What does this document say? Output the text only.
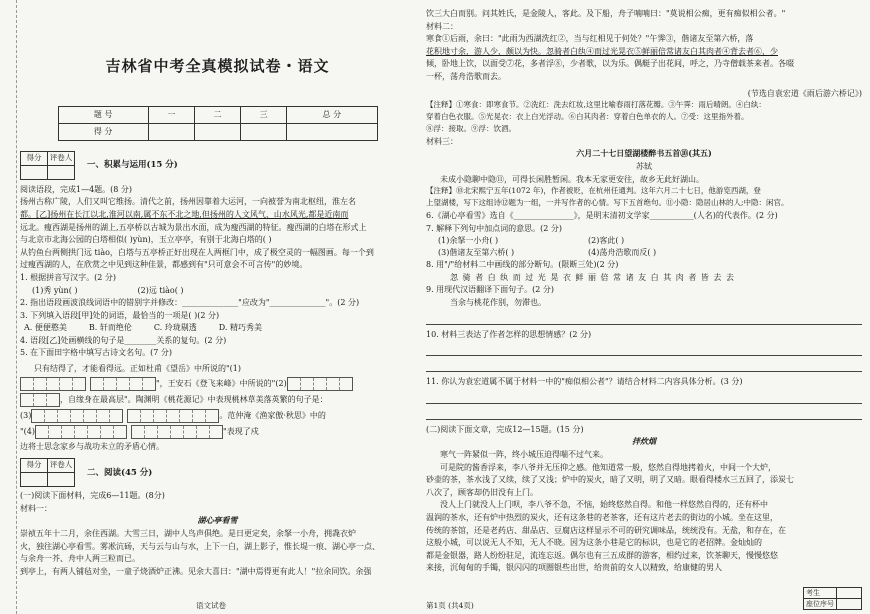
吉林省中考全真模拟试卷・语文
题 号	一	二	三	总 分
得 分				
得分	评卷人

一、积累与运用(15 分)

阅读语段，完成1—4题。(8 分)

扬州古称广陵，人们又叫它维扬。清代之前，扬州因靠着大运河，一向被誉为南北枢纽，淮左名

都。[乙]扬州在长江以北,淮河以南,属不东不北之地,但扬州的人文风气、山水风光,都是近南而

远北。瘦西湖是扬州的湖上,五亭桥以古城为景出水面，成为瘦西湖的特征。瘦西湖的白塔在形式上

与北京市北海公园的白塔相似( )yùn)，玉立亭亭，有别于北海白塔的( )

从钓鱼台两侧拱门远 tiào，白塔与五亭桥正好出现在人两框门中，成了极空灵的一幅图画。每一个到

过瘦西湖的人，在欣赏之中见到这种佳景，都感到有"只可意会不可言传"的妙境。

1. 根据拼音写汉字。(2 分)

(1)秀 yùn( )	(2)远 tiào( )

2. 指出语段画波浪线词语中的错别字并修改：______________"应改为"______________"。(2 分)

3. 下列填入语段[甲]处的词语，最恰当的一项是( )(2 分)

A. 便便憨美	B. 轩而绝伦	C. 玲珑剔透	D. 精巧秀美

4. 语段[乙]处画横线的句子是________关系的复句。(2 分)

5. 在下面田字格中填写古诗文名句。(7 分)

只有结得了，才能看得远。正如杜甫《望岳》中所说的"(1)

"，王安石《登飞来峰》中所说的"(2)
，自缘身在最高层"。陶渊明《桃花源记》中表现桃林草美落英繁的句子是：
(3)	。范仲淹《渔家傲·秋思》中的
"(4)	"表现了戍

边将士思念家乡与战功未立的矛盾心情。

得分	评卷人

二、阅读(45 分)

(一)阅读下面材料，完成6—11题。(8分)

材料一：

湖心亭看雪

崇祯五年十二月，余住西湖。大雪三日，湖中人鸟声俱绝。是日更定矣，余拏一小舟，拥毳衣炉

火，独往湖心亭看雪。雾凇沆砀，天与云与山与水，上下一白，湖上影子，惟长堤一痕、湖心亭一点、

与余舟一芥、舟中人两三粒而已。

到亭上，有两人铺毡对坐，一童子烧酒炉正沸。见余大喜曰："湖中焉得更有此人！"拉余同饮。余强

语文试卷

饮三大白而别。问其姓氏，是金陵人，客此。及下船，舟子喃喃曰："莫说相公痴，更有痴似相公者。"

材料二：

寒食①后雨，余曰："此雨为西湖洗红②，当与红相见于何处？"午霁③，偕诸友至第六桥，落

花积地寸余，游人少，颇以为快。忽骑者白纨④而过光晃衣⑤鲜丽倍常诸友白其肉者④背去者⑥，少

倾，卧地上饮，以面受⑦花，多者浮⑧，少者歌，以为乐。偶艇子出花间，呼之，乃寺僧载茶来者。各啜

一杯，荡舟浩歌而去。

(节选自袁宏道《雨后游六桥记》)

【注释】①寒食：即寒食节。②洗红：洗去红妆,这里比喻春雨打落花瓣。③午霁：雨后晴朗。④白纨：

穿着白色衣服。⑤光晃衣：衣上白光浮动。⑥白其肉者：穿着白色单衣的人。⑦受：这里指外着。

⑧浮：接取。⑨浮：饮酒。

材料三：

六月二十七日望湖楼醉书五首⑩(其五)

苏轼

未成小隐聊中隐⑪，可得长闲胜暂闲。我本无家更安往，故乡无此好湖山。

【注释】⑩北宋熙宁五年(1072 年)，作者被贬，在杭州任通判。这年六月二十七日，他游览西湖，登

上望湖楼，写下这组诗⑫题为一组，一并写作者的心情。写下五首绝句。⑪小隐：隐居山林的人;中隐：闲官。

6.《湖心亭看雪》选自《_______________》，是明末清初文学家___________(人名)的代表作。(2 分)

7. 解释下列句中加点词的意思。(2 分)

(1)余拏一小舟( )	(2)客此( )
(3)偕诸友至第六桥( )	(4)荡舟浩歌而反( )

8. 用"/"给材料二中画线的部分断句。(限断三处)(2 分)

忽 骑 者 白 纨 而 过 光 晃 衣 鲜 丽 倍 常 诸 友 白 其 肉 者 皆 去 去

9. 用现代汉语翻译下面句子。(2 分)

当余与桃花作别，勿滞也。

10. 材料三表达了作者怎样的思想情感？(2 分)

11. 你认为袁宏道属不属于材料一中的"痴似相公者"？请结合材料二内容具体分析。(3 分)

(二)阅读下面文章，完成12—15题。(15 分)

拌炊烟

寒气一阵紧似一阵，终小城压迫得喘不过气来。

可是院的酱香浮来，李八爷并无压抑之感。他知道常一般，悠然自得地拷着火，中间一个大炉，

砂壶的茶，茶水浅了又续，续了又浅；炉中的炭火，暗了又明，明了又暗。眼看得楼水三五回了，添炭七

八次了，顾客却仍旧没有上门。

没人上门就没人上门呗，李八爷不急，不恼，始终悠然自得。和他一样悠然自得的，还有杯中

温润的茶水，还有炉中热烈的炭火，还有这条巷的老茶客，还有这片老去的街边的小城。坐在这里，

传统的茶馆，还是老药店、甜品店、豆腐店这样显示不可的研究调味品，统统没有。无盐，和存在，在

这般小城，可以说无人不知，无人不晓。因为这条小巷是它的标识，也是它的老招牌。金灿灿的

都是金银器，路人纷纷驻足，流连忘返。偶尔也有三五成群的游客，相约过来，饮茶聊天，慢慢悠悠

来接，沉甸甸的手镯，银闪闪的项圈银些出世，给贵前的女人以精致，给康健的男人

第1页 (共4页)
考生	
座位序号	
